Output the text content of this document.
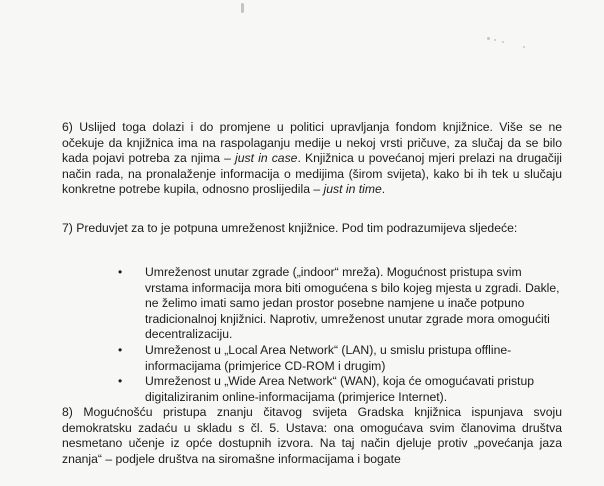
6) Uslijed toga dolazi i do promjene u politici upravljanja fondom knjižnice. Više se ne očekuje da knjižnica ima na raspolaganju medije u nekoj vrsti pričuve, za slučaj da se bilo kada pojavi potreba za njima – just in case. Knjižnica u povećanoj mjeri prelazi na drugačiji način rada, na pronalaženje informacija o medijima (širom svijeta), kako bi ih tek u slučaju konkretne potrebe kupila, odnosno proslijedila – just in time.

7) Preduvjet za to je potpuna umreženost knjižnice. Pod tim podrazumijeva sljedeće:

• Umreženost unutar zgrade („indoor“ mreža). Mogućnost pristupa svim vrstama informacija mora biti omogućena s bilo kojeg mjesta u zgradi. Dakle, ne želimo imati samo jedan prostor posebne namjene u inače potpuno tradicionalnoj knjižnici. Naprotiv, umreženost unutar zgrade mora omogućiti decentralizaciju.
• Umreženost u „Local Area Network“ (LAN), u smislu pristupa offline-informacijama (primjerice CD-ROM i drugim)
• Umreženost u „Wide Area Network“ (WAN), koja će omogućavati pristup digitaliziranim online-informacijama (primjerice Internet).

8) Mogućnošću pristupa znanju čitavog svijeta Gradska knjižnica ispunjava svoju demokratsku zadaću u skladu s čl. 5. Ustava: ona omogućava svim članovima društva nesmetano učenje iz opće dostupnih izvora. Na taj način djeluje protiv „povećanja jaza znanja“ – podjele društva na siromašne informacijama i bogate
